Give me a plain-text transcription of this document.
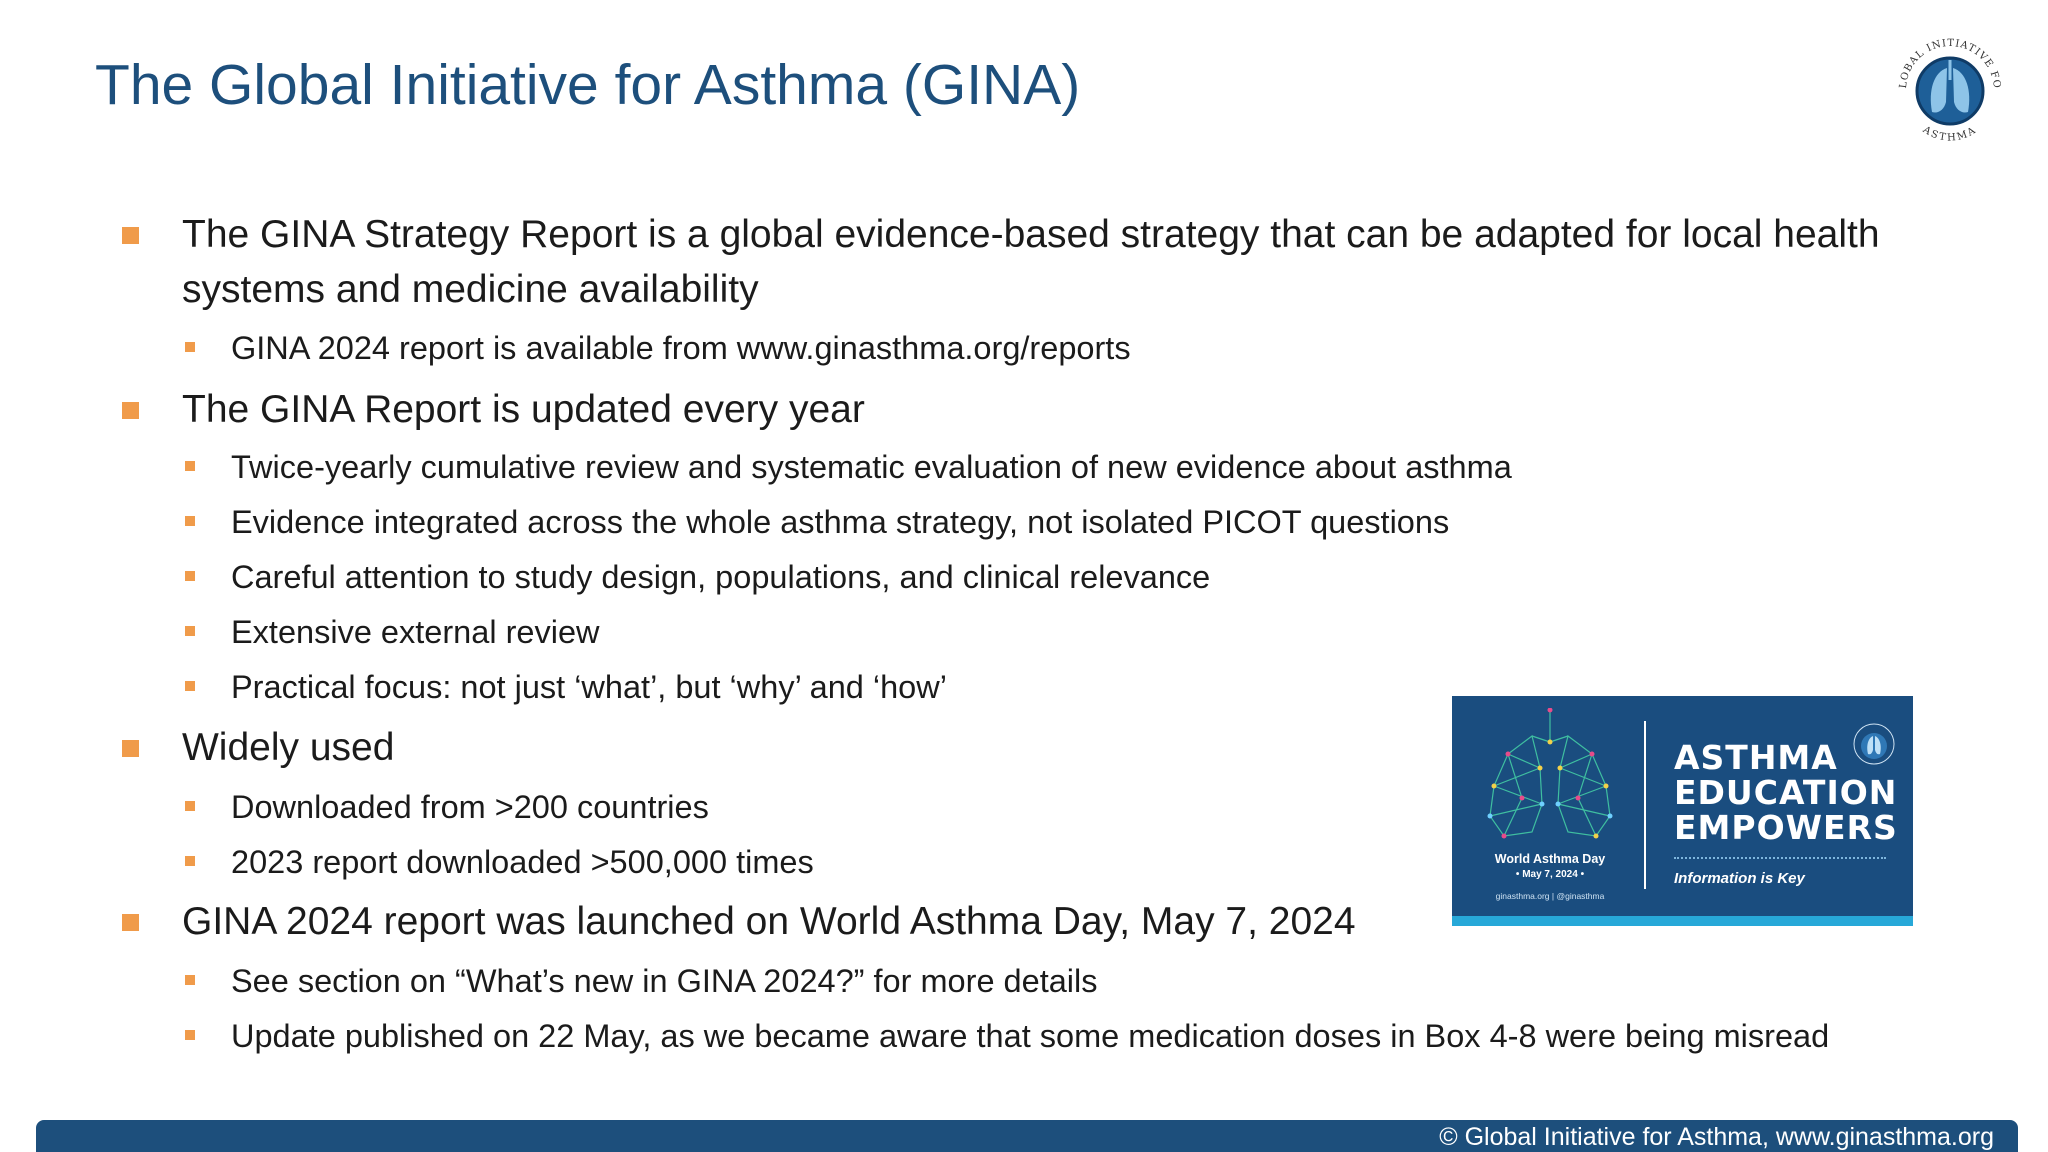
The Global Initiative for Asthma (GINA)	LOBAL INITIATIVE FO
ASTHMA
The GINA Strategy Report is a global evidence-based strategy that can be adapted for local health systems and medicine availability
GINA 2024 report is available from www.ginasthma.org/reports
The GINA Report is updated every year
Twice-yearly cumulative review and systematic evaluation of new evidence about asthma
Evidence integrated across the whole asthma strategy, not isolated PICOT questions
Careful attention to study design, populations, and clinical relevance
Extensive external review
Practical focus: not just ‘what’, but ‘why’ and ‘how’
Widely used
Downloaded from >200 countries
2023 report downloaded >500,000 times
GINA 2024 report was launched on World Asthma Day, May 7, 2024
See section on “What’s new in GINA 2024?” for more details
Update published on 22 May, as we became aware that some medication doses in Box 4-8 were being misread
World Asthma Day
• May 7, 2024 •
ginasthma.org | @ginasthma
ASTHMA
EDUCATION
EMPOWERS
Information is Key
© Global Initiative for Asthma, www.ginasthma.org
